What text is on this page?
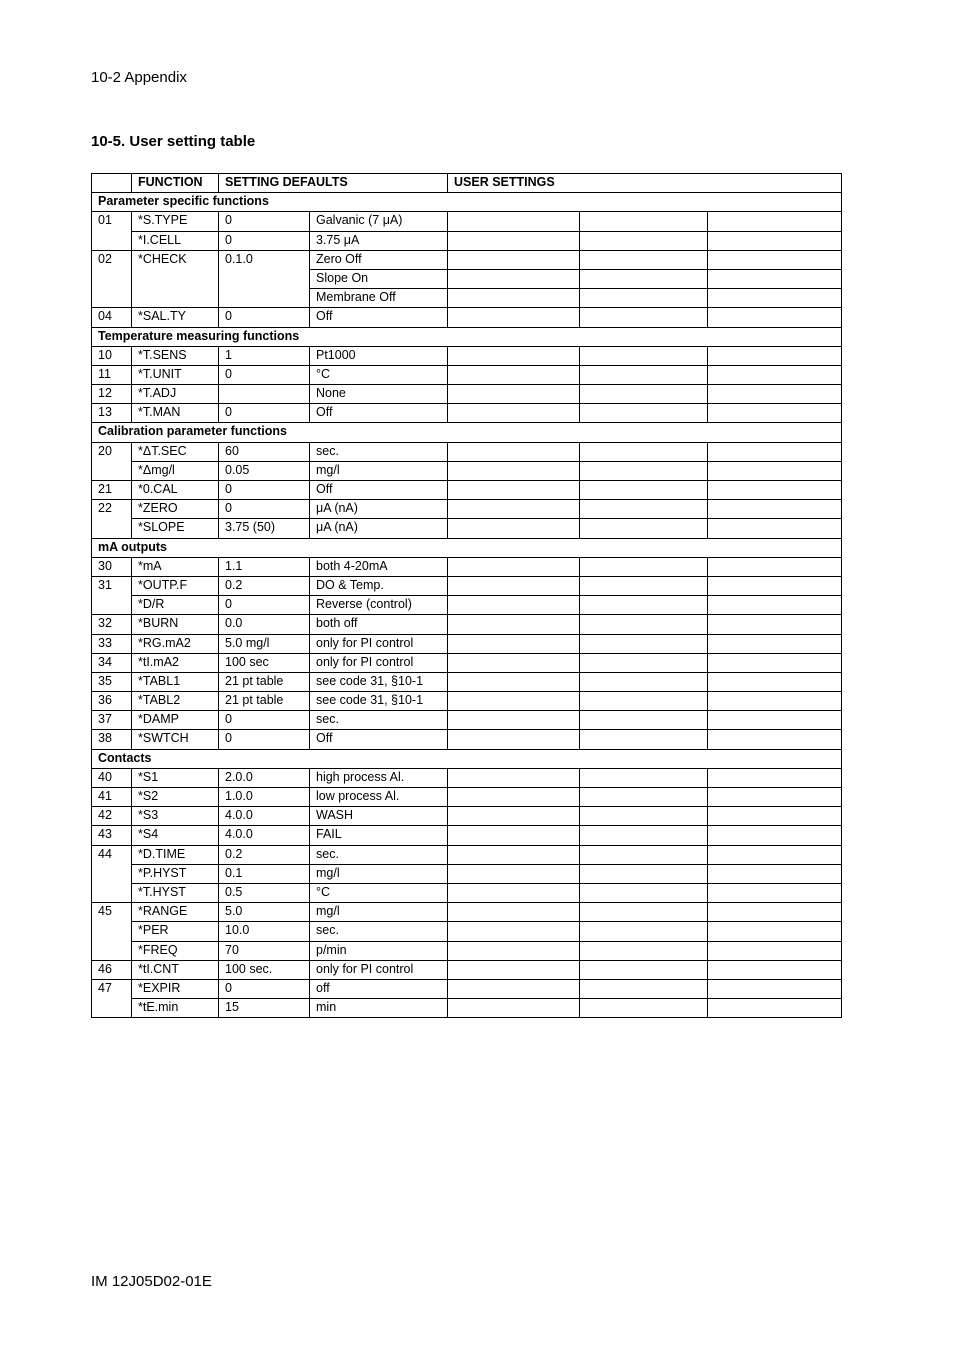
10-2 Appendix
10-5. User setting table
	FUNCTION	SETTING DEFAULTS		USER SETTINGS		
Parameter specific functions						
01	*S.TYPE	0	Galvanic (7 μA)			
	*I.CELL	0	3.75 μA			
02	*CHECK	0.1.0	Zero Off			
			Slope On			
			Membrane Off			
04	*SAL.TY	0	Off			
Temperature measuring functions						
10	*T.SENS	1	Pt1000			
11	*T.UNIT	0	°C			
12	*T.ADJ		None			
13	*T.MAN	0	Off			
Calibration parameter functions						
20	*ΔT.SEC	60	sec.			
	*Δmg/l	0.05	mg/l			
21	*0.CAL	0	Off			
22	*ZERO	0	μA (nA)			
	*SLOPE	3.75 (50)	μA (nA)			
mA outputs						
30	*mA	1.1	both 4-20mA			
31	*OUTP.F	0.2	DO & Temp.			
	*D/R	0	Reverse (control)			
32	*BURN	0.0	both off			
33	*RG.mA2	5.0 mg/l	only for PI control			
34	*tI.mA2	100 sec	only for PI control			
35	*TABL1	21 pt table	see code 31, §10-1			
36	*TABL2	21 pt table	see code 31, §10-1			
37	*DAMP	0	sec.			
38	*SWTCH	0	Off			
Contacts						
40	*S1	2.0.0	high process Al.			
41	*S2	1.0.0	low process Al.			
42	*S3	4.0.0	WASH			
43	*S4	4.0.0	FAIL			
44	*D.TIME	0.2	sec.			
	*P.HYST	0.1	mg/l			
	*T.HYST	0.5	°C			
45	*RANGE	5.0	mg/l			
	*PER	10.0	sec.			
	*FREQ	70	p/min			
46	*tI.CNT	100 sec.	only for PI control			
47	*EXPIR	0	off			
	*tE.min	15	min			
IM 12J05D02-01E
